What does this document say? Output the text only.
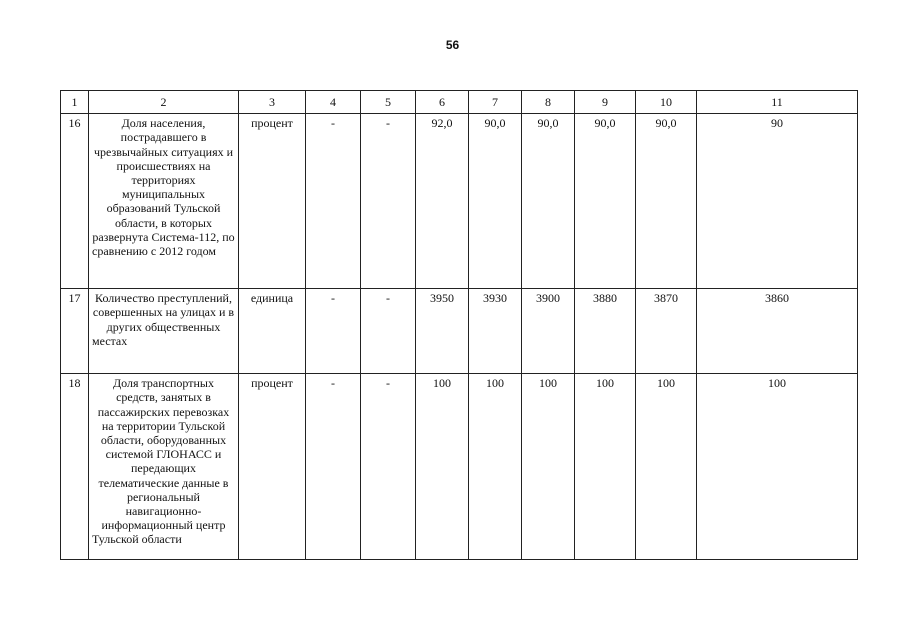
56
1	2	3	4	5	6	7	8	9	10	11
16	Доля населения, пострадавшего в чрезвычайных ситуациях и происшествиях на территориях муниципальных образований Тульской области, в которых развернута Система-112, по сравнению с 2012 годом	процент	-	-	92,0	90,0	90,0	90,0	90,0	90
17	Количество преступлений, совершенных на улицах и в других общественных местах	единица	-	-	3950	3930	3900	3880	3870	3860
18	Доля транспортных средств, занятых в пассажирских перевозках на территории Тульской области, оборудованных системой ГЛОНАСС и передающих телематические данные в региональный навигационно-информационный центр Тульской области	процент	-	-	100	100	100	100	100	100
